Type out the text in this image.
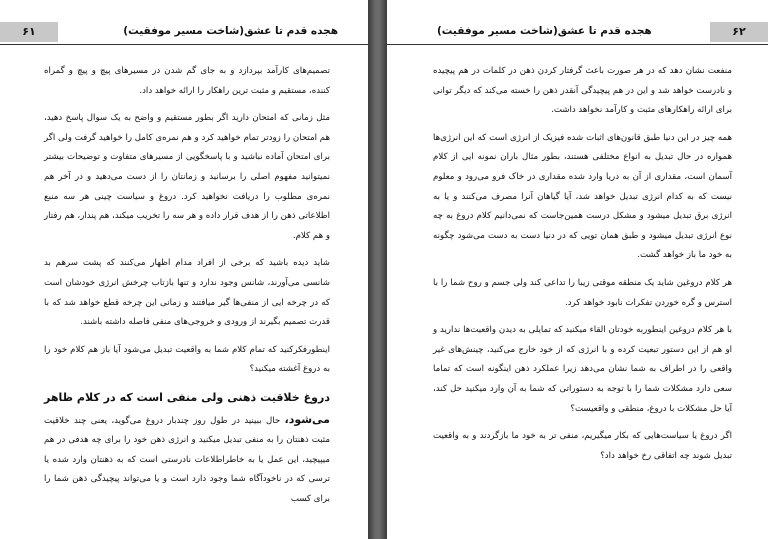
۶۱	هجده قدم تا عشق(شاخت مسیر موفقیت)

تصمیم‌های کارآمد بپردازد و به جای گم شدن در مسیرهای پیچ و پیچ و گمراه کننده، مستقیم و مثبت ترین راهکار را ارائه خواهد داد.

مثل زمانی که امتحان دارید اگر بطور مستقیم و واضح به یک سوال پاسخ دهید، هم امتحان را زودتر تمام خواهید کرد و هم نمره‌ی کامل را خواهید گرفت ولی اگر برای امتحان آماده نباشید و با پاسخگویی از مسیرهای متفاوت و توضیحات بیشتر نمیتوانید مفهوم اصلی را برسانید و زمانتان را از دست می‌دهید و در آخر هم نمره‌ی مطلوب را دریافت نخواهید کرد. دروغ و سیاست چینی هر سه منبع اطلاعاتی ذهن را از هدف قرار داده و هر سه را تخریب میکند، هم پندار، هم رفتار و هم کلام.

شاید دیده باشید که برخی از افراد مدام اظهار می‌کنند که پشت سرهم بد شانسی می‌آورند، شانس وجود ندارد و تنها بازتاب چرخش انرژی خودشان است که در چرخه ایی از منفی‌ها گیر میافتند و زمانی این چرخه قطع خواهد شد که با قدرت تصمیم بگیرند از ورودی و خروجی‌های منفی فاصله داشته باشند.

اینطورفکرکنید که تمام کلام شما به واقعیت تبدیل می‌شود آیا باز هم کلام خود را به دروغ آغشته میکنید؟

دروغ خلاقیت ذهنی ولی منفی است که در کلام ظاهر می‌شود، حال ببینید در طول روز چندبار دروغ می‌گوید، یعنی چند خلاقیت مثبت ذهنتان را به منفی تبدیل میکنید و انرژی ذهن خود را برای چه هدفی در هم میپیچید، این عمل یا به خاطراطلاعات نادرستی است که به ذهنتان وارد شده یا ترسی که در ناخودآگاه شما وجود دارد است و یا می‌تواند پیچیدگی ذهن شما را برای کسب

هجده قدم تا عشق(شاخت مسیر موفقیت)	۶۲

منفعت نشان دهد که در هر صورت باعث گرفتار کردن ذهن در کلمات در هم پیچیده و نادرست خواهد شد و این در هم پیچیدگی آنقدر ذهن را خسته می‌کند که دیگر توانی برای ارائه راهکارهای مثبت و کارآمد نخواهد داشت.

همه چیز در این دنیا طبق قانون‌های اثبات شده فیزیک از انرژی است که این انرژی‌ها همواره در حال تبدیل به انواع مختلفی هستند، بطور مثال باران نمونه ایی از کلام آسمان است، مقداری از آن به دریا وارد شده مقداری در خاک فرو می‌رود و معلوم نیست که به کدام انرژی تبدیل خواهد شد، آیا گیاهان آنرا مصرف می‌کنند و یا به انرژی برق تبدیل میشود و مشکل درست همین‌جاست که نمی‌دانیم کلام دروغ به چه نوع انرژی تبدیل میشود و طبق همان تویی که در دنیا دست به دست می‌شود چگونه به خود ما باز خواهد گشت.

هر کلام دروغین شاید یک منطقه موقتی زیبا را تداعی کند ولی جسم و روح شما را با استرس و گره خوردن تفکرات نابود خواهد کرد.

با هر کلام دروغین اینطوربه خودتان القاء میکنید که تمایلی به دیدن واقعیت‌ها ندارید و او هم از این دستور تبعیت کرده و با انرژی که از خود خارج می‌کنید، چینش‌های غیر واقعی را در اطراف به شما نشان می‌دهد زیرا عملکرد ذهن اینگونه است که تماما سعی دارد مشکلات شما را با توجه به دستوراتی که شما به آن وارد میکنید حل کند، آیا حل مشکلات با دروغ، منطقی و واقعیست؟

اگر دروغ یا سیاست‌هایی که بکار میگیریم، منفی تر به خود ما بازگردند و به واقعیت تبدیل شوند چه اتفاقی رخ خواهد داد؟
